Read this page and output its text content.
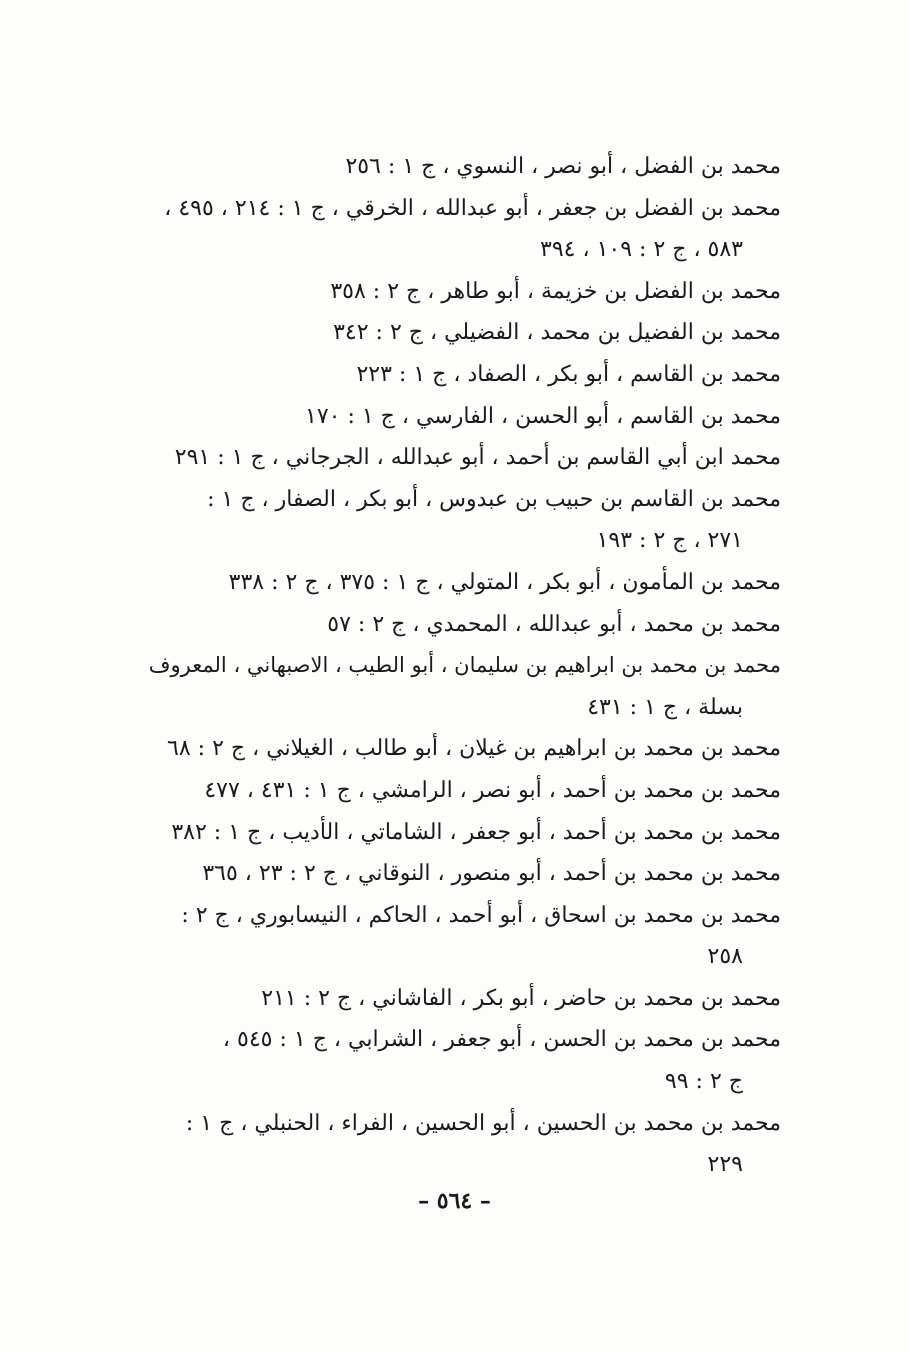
محمد بن الفضل ، أبو نصر ، النسوي ، ج ١ : ٢٥٦
محمد بن الفضل بن جعفر ، أبو عبدالله ، الخرقي ، ج ١ : ٢١٤ ، ٤٩٥ ،
٥٨٣ ، ج ٢ : ١٠٩ ، ٣٩٤
محمد بن الفضل بن خزيمة ، أبو طاهر ، ج ٢ : ٣٥٨
محمد بن الفضيل بن محمد ، الفضيلي ، ج ٢ : ٣٤٢
محمد بن القاسم ، أبو بكر ، الصفاد ، ج ١ : ٢٢٣
محمد بن القاسم ، أبو الحسن ، الفارسي ، ج ١ : ١٧٠
محمد ابن أبي القاسم بن أحمد ، أبو عبدالله ، الجرجاني ، ج ١ : ٢٩١
محمد بن القاسم بن حبيب بن عبدوس ، أبو بكر ، الصفار ، ج ١ :
٢٧١ ، ج ٢ : ١٩٣
محمد بن المأمون ، أبو بكر ، المتولي ، ج ١ : ٣٧٥ ، ج ٢ : ٣٣٨
محمد بن محمد ، أبو عبدالله ، المحمدي ، ج ٢ : ٥٧
محمد بن محمد بن ابراهيم بن سليمان ، أبو الطيب ، الاصبهاني ، المعروف
بسلة ، ج ١ : ٤٣١
محمد بن محمد بن ابراهيم بن غيلان ، أبو طالب ، الغيلاني ، ج ٢ : ٦٨
محمد بن محمد بن أحمد ، أبو نصر ، الرامشي ، ج ١ : ٤٣١ ، ٤٧٧
محمد بن محمد بن أحمد ، أبو جعفر ، الشاماتي ، الأديب ، ج ١ : ٣٨٢
محمد بن محمد بن أحمد ، أبو منصور ، النوقاني ، ج ٢ : ٢٣ ، ٣٦٥
محمد بن محمد بن اسحاق ، أبو أحمد ، الحاكم ، النيسابوري ، ج ٢ :
٢٥٨
محمد بن محمد بن حاضر ، أبو بكر ، الفاشاني ، ج ٢ : ٢١١
محمد بن محمد بن الحسن ، أبو جعفر ، الشرابي ، ج ١ : ٥٤٥ ،
ج ٢ : ٩٩
محمد بن محمد بن الحسين ، أبو الحسين ، الفراء ، الحنبلي ، ج ١ :
٢٢٩
– ٥٦٤ –
